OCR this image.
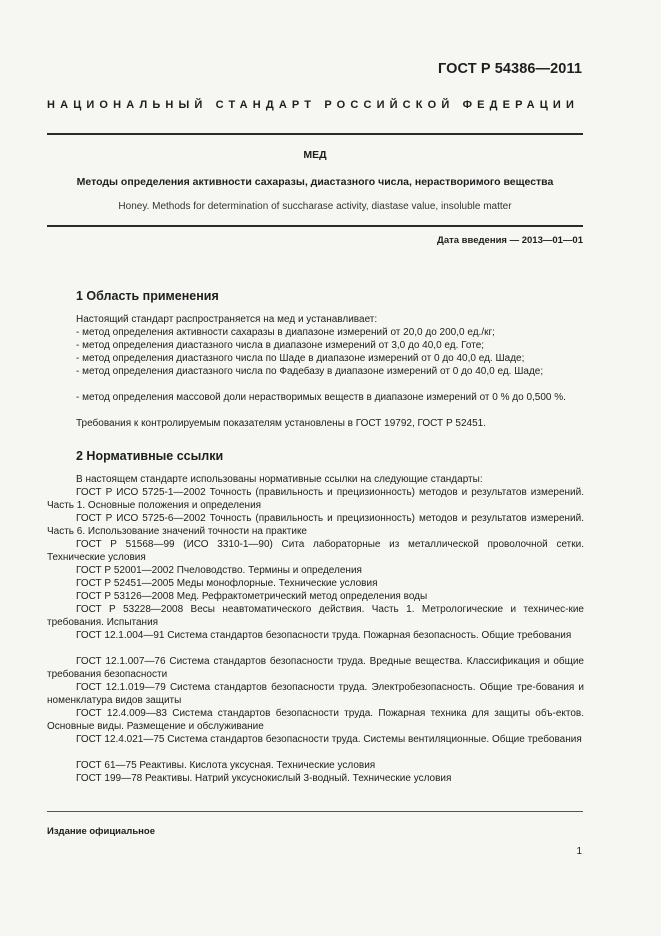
ГОСТ Р 54386—2011
НАЦИОНАЛЬНЫЙ СТАНДАРТ РОССИЙСКОЙ ФЕДЕРАЦИИ
МЕД
Методы определения активности сахаразы, диастазного числа, нерастворимого вещества
Honey. Methods for determination of succharase activity, diastase value, insoluble matter
Дата введения — 2013—01—01
1 Область применения
Настоящий стандарт распространяется на мед и устанавливает:
- метод определения активности сахаразы в диапазоне измерений от 20,0 до 200,0 ед./кг;
- метод определения диастазного числа в диапазоне измерений от 3,0 до 40,0 ед. Готе;
- метод определения диастазного числа по Шаде в диапазоне измерений от 0 до 40,0 ед. Шаде;
- метод определения диастазного числа по Фадебазу в диапазоне измерений от 0 до 40,0 ед. Шаде;
- метод определения массовой доли нерастворимых веществ в диапазоне измерений от 0 % до 0,500 %.
Требования к контролируемым показателям установлены в ГОСТ 19792, ГОСТ Р 52451.
2 Нормативные ссылки
В настоящем стандарте использованы нормативные ссылки на следующие стандарты:
ГОСТ Р ИСО 5725-1—2002 Точность (правильность и прецизионность) методов и результатов измерений. Часть 1. Основные положения и определения
ГОСТ Р ИСО 5725-6—2002 Точность (правильность и прецизионность) методов и результатов измерений. Часть 6. Использование значений точности на практике
ГОСТ Р 51568—99 (ИСО 3310-1—90) Сита лабораторные из металлической проволочной сетки. Технические условия
ГОСТ Р 52001—2002 Пчеловодство. Термины и определения
ГОСТ Р 52451—2005 Меды монофлорные. Технические условия
ГОСТ Р 53126—2008 Мед. Рефрактометрический метод определения воды
ГОСТ Р 53228—2008 Весы неавтоматического действия. Часть 1. Метрологические и техничес-кие требования. Испытания
ГОСТ 12.1.004—91 Система стандартов безопасности труда. Пожарная безопасность. Общие требования
ГОСТ 12.1.007—76 Система стандартов безопасности труда. Вредные вещества. Классификация и общие требования безопасности
ГОСТ 12.1.019—79 Система стандартов безопасности труда. Электробезопасность. Общие тре-бования и номенклатура видов защиты
ГОСТ 12.4.009—83 Система стандартов безопасности труда. Пожарная техника для защиты объ-ектов. Основные виды. Размещение и обслуживание
ГОСТ 12.4.021—75 Система стандартов безопасности труда. Системы вентиляционные. Общие требования
ГОСТ 61—75 Реактивы. Кислота уксусная. Технические условия
ГОСТ 199—78 Реактивы. Натрий уксуснокислый 3-водный. Технические условия
Издание официальное
1
